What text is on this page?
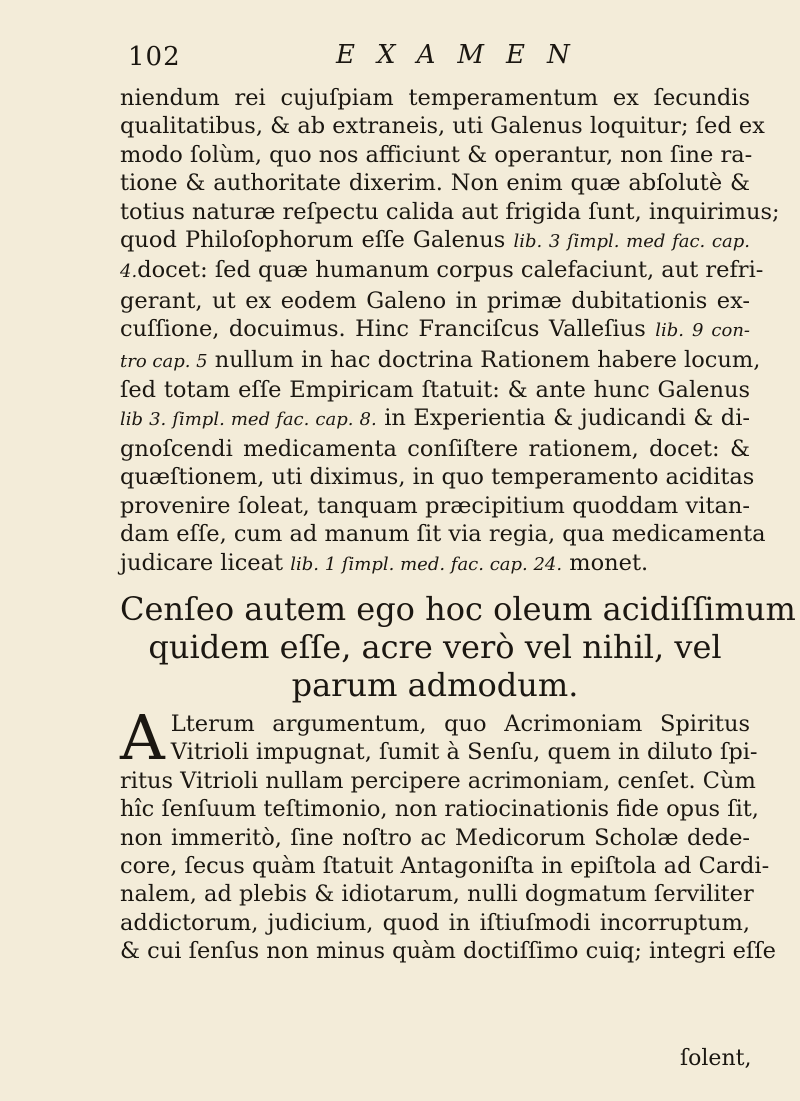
102	EXAMEN
niendum rei cujuſpiam temperamentum ex ſecundis
qualitatibus, & ab extraneis, uti Galenus loquitur; ſed ex
modo ſolùm, quo nos afficiunt & operantur, non ſine ra-
tione & authoritate dixerim. Non enim quæ abſolutè &
totius naturæ reſpectu calida aut frigida ſunt, inquirimus;
quod Philoſophorum eſſe Galenus lib. 3 ſimpl. med fac. cap.
4.docet: ſed quæ humanum corpus calefaciunt, aut refri-
gerant, ut ex eodem Galeno in primæ dubitationis ex-
cuſſione, docuimus. Hinc Franciſcus Valleſius lib. 9 con-
tro cap. 5 nullum in hac doctrina Rationem habere locum,
ſed totam eſſe Empiricam ſtatuit: & ante hunc Galenus
lib 3. ſimpl. med fac. cap. 8. in Experientia & judicandi & di-
gnoſcendi medicamenta conſiſtere rationem, docet: &
quæſtionem, uti diximus, in quo temperamento aciditas
provenire ſoleat, tanquam præcipitium quoddam vitan-
dam eſſe, cum ad manum ſit via regia, qua medicamenta
judicare liceat lib. 1 ſimpl. med. fac. cap. 24. monet.
Cenſeo autem ego hoc oleum acidiſſimum
quidem eſſe, acre verò vel nihil, vel
parum admodum.
A Lterum argumentum, quo Acrimoniam Spiritus
Vitrioli impugnat, ſumit à Senſu, quem in diluto ſpi-
ritus Vitrioli nullam percipere acrimoniam, cenſet. Cùm
hîc ſenſuum teſtimonio, non ratiocinationis fide opus ſit,
non immeritò, ſine noſtro ac Medicorum Scholæ dede-
core, ſecus quàm ſtatuit Antagoniſta in epiſtola ad Cardi-
nalem, ad plebis & idiotarum, nulli dogmatum ſerviliter
addictorum, judicium, quod in iſtiuſmodi incorruptum,
& cui ſenſus non minus quàm doctiſſimo cuiq; integri eſſe
ſolent,
